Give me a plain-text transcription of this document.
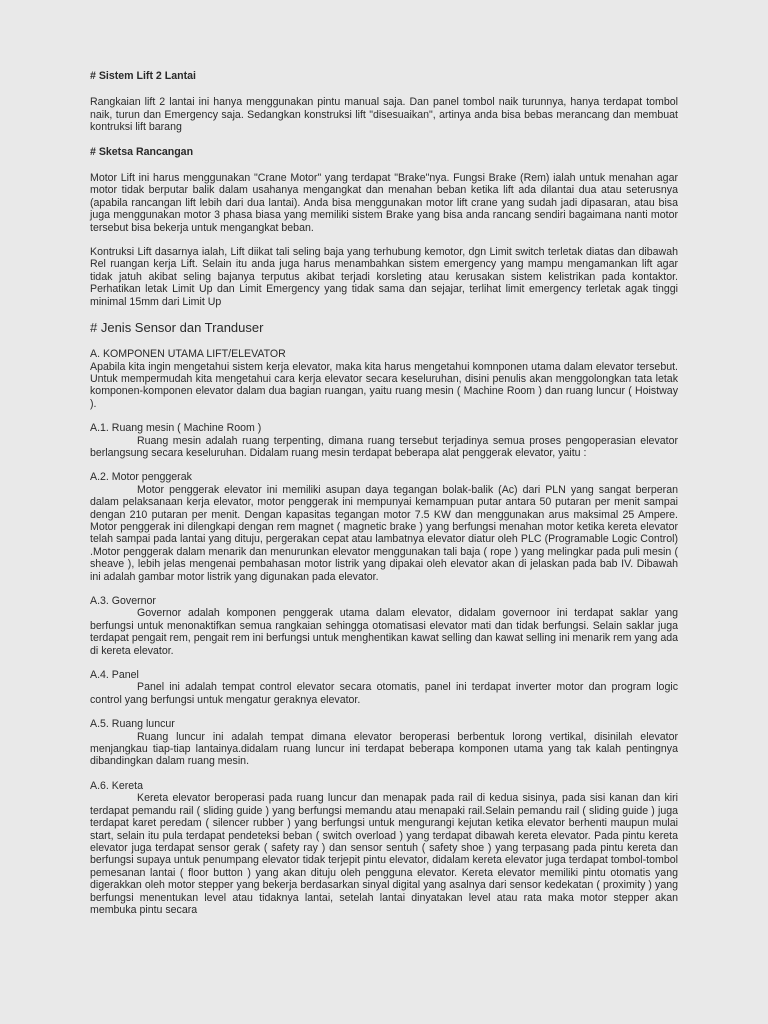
# Sistem Lift 2 Lantai

Rangkaian lift 2 lantai ini hanya menggunakan pintu manual saja. Dan panel tombol naik turunnya, hanya terdapat tombol naik, turun dan Emergency saja. Sedangkan konstruksi lift "disesuaikan", artinya anda bisa bebas merancang dan membuat kontruksi lift barang

# Sketsa Rancangan

Motor Lift ini harus menggunakan "Crane Motor" yang terdapat "Brake"nya. Fungsi Brake (Rem) ialah untuk menahan agar motor tidak berputar balik dalam usahanya mengangkat dan menahan beban ketika lift ada dilantai dua atau seterusnya (apabila rancangan lift lebih dari dua lantai). Anda bisa menggunakan motor lift crane yang sudah jadi dipasaran, atau bisa juga menggunakan motor 3 phasa biasa yang memiliki sistem Brake yang bisa anda rancang sendiri bagaimana nanti motor tersebut bisa bekerja untuk mengangkat beban.

Kontruksi Lift dasarnya ialah, Lift diikat tali seling baja yang terhubung kemotor, dgn Limit switch terletak diatas dan dibawah Rel ruangan kerja Lift. Selain itu anda juga harus menambahkan sistem emergency yang mampu mengamankan lift agar tidak jatuh akibat seling bajanya terputus akibat terjadi korsleting atau kerusakan sistem kelistrikan pada kontaktor. Perhatikan letak Limit Up dan Limit Emergency yang tidak sama dan sejajar, terlihat limit emergency terletak agak tinggi minimal 15mm dari Limit Up

# Jenis Sensor dan Tranduser
A. KOMPONEN UTAMA LIFT/ELEVATOR

Apabila kita ingin mengetahui sistem kerja elevator, maka kita harus mengetahui komnponen utama dalam elevator tersebut. Untuk mempermudah kita mengetahui cara kerja elevator secara keseluruhan, disini penulis akan menggolongkan tata letak komponen-komponen elevator dalam dua bagian ruangan, yaitu ruang mesin ( Machine Room ) dan ruang luncur ( Hoistway ).

A.1. Ruang mesin ( Machine Room )

Ruang mesin adalah ruang terpenting, dimana ruang tersebut terjadinya semua proses pengoperasian elevator berlangsung secara keseluruhan. Didalam ruang mesin terdapat beberapa alat penggerak elevator, yaitu :

A.2. Motor penggerak

Motor penggerak elevator ini memiliki asupan daya tegangan bolak-balik (Ac) dari PLN yang sangat berperan dalam pelaksanaan kerja elevator, motor penggerak ini mempunyai kemampuan putar antara 50 putaran per menit sampai dengan 210 putaran per menit. Dengan kapasitas tegangan motor 7.5 KW dan menggunakan arus maksimal 25 Ampere. Motor penggerak ini dilengkapi dengan rem magnet ( magnetic brake ) yang berfungsi menahan motor ketika kereta elevator telah sampai pada lantai yang dituju, pergerakan cepat atau lambatnya elevator diatur oleh PLC (Programable Logic Control) .Motor penggerak dalam menarik dan menurunkan elevator menggunakan tali baja ( rope ) yang melingkar pada puli mesin ( sheave ), lebih jelas mengenai pembahasan motor listrik yang dipakai oleh elevator akan di jelaskan pada bab IV. Dibawah ini adalah gambar motor listrik yang digunakan pada elevator.

A.3. Governor

Governor adalah komponen penggerak utama dalam elevator, didalam governoor ini terdapat saklar yang berfungsi untuk menonaktifkan semua rangkaian sehingga otomatisasi elevator mati dan tidak berfungsi. Selain saklar juga terdapat pengait rem, pengait rem ini berfungsi untuk menghentikan kawat selling dan kawat selling ini menarik rem yang ada di kereta elevator.

A.4. Panel

Panel ini adalah tempat control elevator secara otomatis, panel ini terdapat inverter motor dan program logic control yang berfungsi untuk mengatur geraknya elevator.

A.5. Ruang luncur

Ruang luncur ini adalah tempat dimana elevator beroperasi berbentuk lorong vertikal, disinilah elevator menjangkau tiap-tiap lantainya.didalam ruang luncur ini terdapat beberapa komponen utama yang tak kalah pentingnya dibandingkan dalam ruang mesin.

A.6. Kereta

Kereta elevator beroperasi pada ruang luncur dan menapak pada rail di kedua sisinya, pada sisi kanan dan kiri terdapat pemandu rail ( sliding guide ) yang berfungsi memandu atau menapaki rail.Selain pemandu rail ( sliding guide ) juga terdapat karet peredam ( silencer rubber ) yang berfungsi untuk mengurangi kejutan ketika elevator berhenti maupun mulai start, selain itu pula terdapat pendeteksi beban ( switch overload ) yang terdapat dibawah kereta elevator. Pada pintu kereta elevator juga terdapat sensor gerak ( safety ray ) dan sensor sentuh ( safety shoe ) yang terpasang pada pintu kereta dan berfungsi supaya untuk penumpang elevator tidak terjepit pintu elevator, didalam kereta elevator juga terdapat tombol-tombol pemesanan lantai ( floor button ) yang akan dituju oleh pengguna elevator. Kereta elevator memiliki pintu otomatis yang digerakkan oleh motor stepper yang bekerja berdasarkan sinyal digital yang asalnya dari sensor kedekatan ( proximity ) yang berfungsi menentukan level atau tidaknya lantai, setelah lantai dinyatakan level atau rata maka motor stepper akan membuka pintu secara
